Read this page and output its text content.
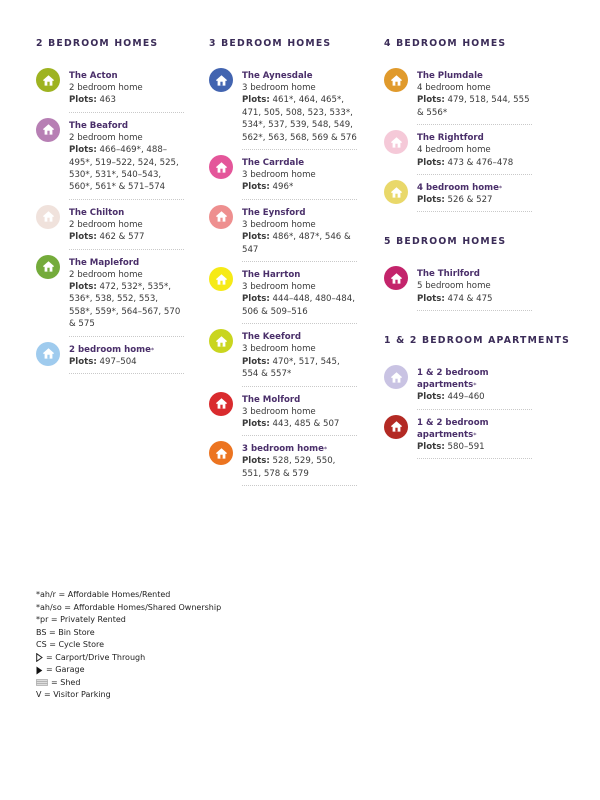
2 BEDROOM HOMES
The Acton
2 bedroom home
Plots: 463
The Beaford
2 bedroom home
Plots: 466–469*, 488–495*, 519–522, 524, 525, 530*, 531*, 540–543, 560*, 561* & 571–574
The Chilton
2 bedroom home
Plots: 462 & 577
The Mapleford
2 bedroom home
Plots: 472, 532*, 535*, 536*, 538, 552, 553, 558*, 559*, 564–567, 570 & 575
2 bedroom home*
Plots: 497–504
3 BEDROOM HOMES
The Aynesdale
3 bedroom home
Plots: 461*, 464, 465*, 471, 505, 508, 523, 533*, 534*, 537, 539, 548, 549, 562*, 563, 568, 569 & 576
The Carrdale
3 bedroom home
Plots: 496*
The Eynsford
3 bedroom home
Plots: 486*, 487*, 546 & 547
The Harrton
3 bedroom home
Plots: 444–448, 480–484, 506 & 509–516
The Keeford
3 bedroom home
Plots: 470*, 517, 545, 554 & 557*
The Molford
3 bedroom home
Plots: 443, 485 & 507
3 bedroom home*
Plots: 528, 529, 550, 551, 578 & 579
4 BEDROOM HOMES
The Plumdale
4 bedroom home
Plots: 479, 518, 544, 555 & 556*
The Rightford
4 bedroom home
Plots: 473 & 476–478
4 bedroom home*
Plots: 526 & 527
5 BEDROOM HOMES
The Thirlford
5 bedroom home
Plots: 474 & 475
1 & 2 BEDROOM APARTMENTS
1 & 2 bedroom apartments*
Plots: 449–460
1 & 2 bedroom apartments*
Plots: 580–591
*ah/r = Affordable Homes/Rented
*ah/so = Affordable Homes/Shared Ownership
*pr = Privately Rented
BS = Bin Store
CS = Cycle Store
= Carport/Drive Through
= Garage
= Shed
V = Visitor Parking
